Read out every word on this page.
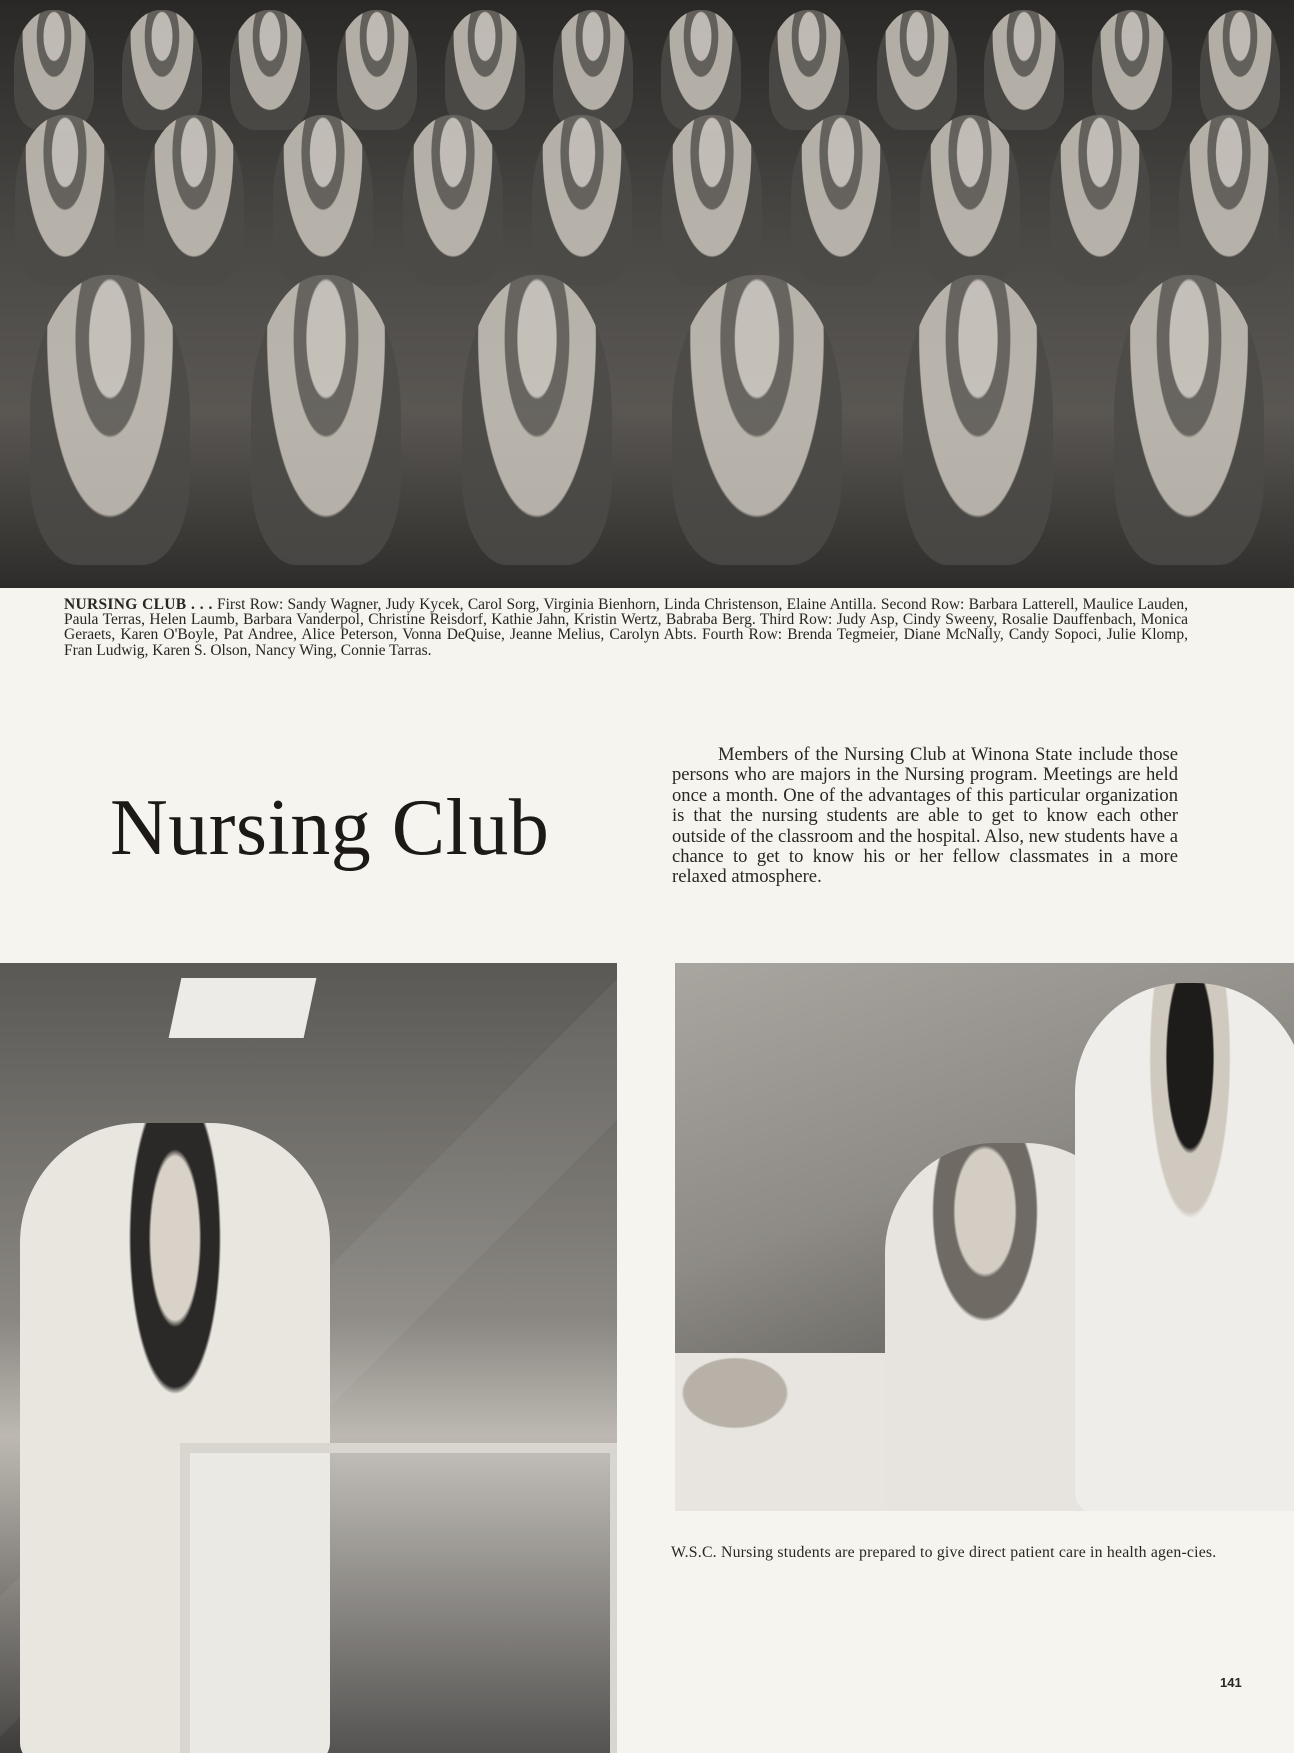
NURSING CLUB . . . First Row: Sandy Wagner, Judy Kycek, Carol Sorg, Virginia Bienhorn, Linda Christenson, Elaine Antilla. Second Row: Barbara Latterell, Maulice Lauden, Paula Terras, Helen Laumb, Barbara Vanderpol, Christine Reisdorf, Kathie Jahn, Kristin Wertz, Babraba Berg. Third Row: Judy Asp, Cindy Sweeny, Rosalie Dauffenbach, Monica Geraets, Karen O'Boyle, Pat Andree, Alice Peterson, Vonna DeQuise, Jeanne Melius, Carolyn Abts. Fourth Row: Brenda Tegmeier, Diane McNally, Candy Sopoci, Julie Klomp, Fran Ludwig, Karen S. Olson, Nancy Wing, Connie Tarras.

Nursing Club

Members of the Nursing Club at Winona State include those persons who are majors in the Nursing program. Meetings are held once a month. One of the advantages of this particular organization is that the nursing students are able to get to know each other outside of the classroom and the hospital. Also, new students have a chance to get to know his or her fellow classmates in a more relaxed atmosphere.

W.S.C. Nursing students are prepared to give direct patient care in health agen-cies.

141
